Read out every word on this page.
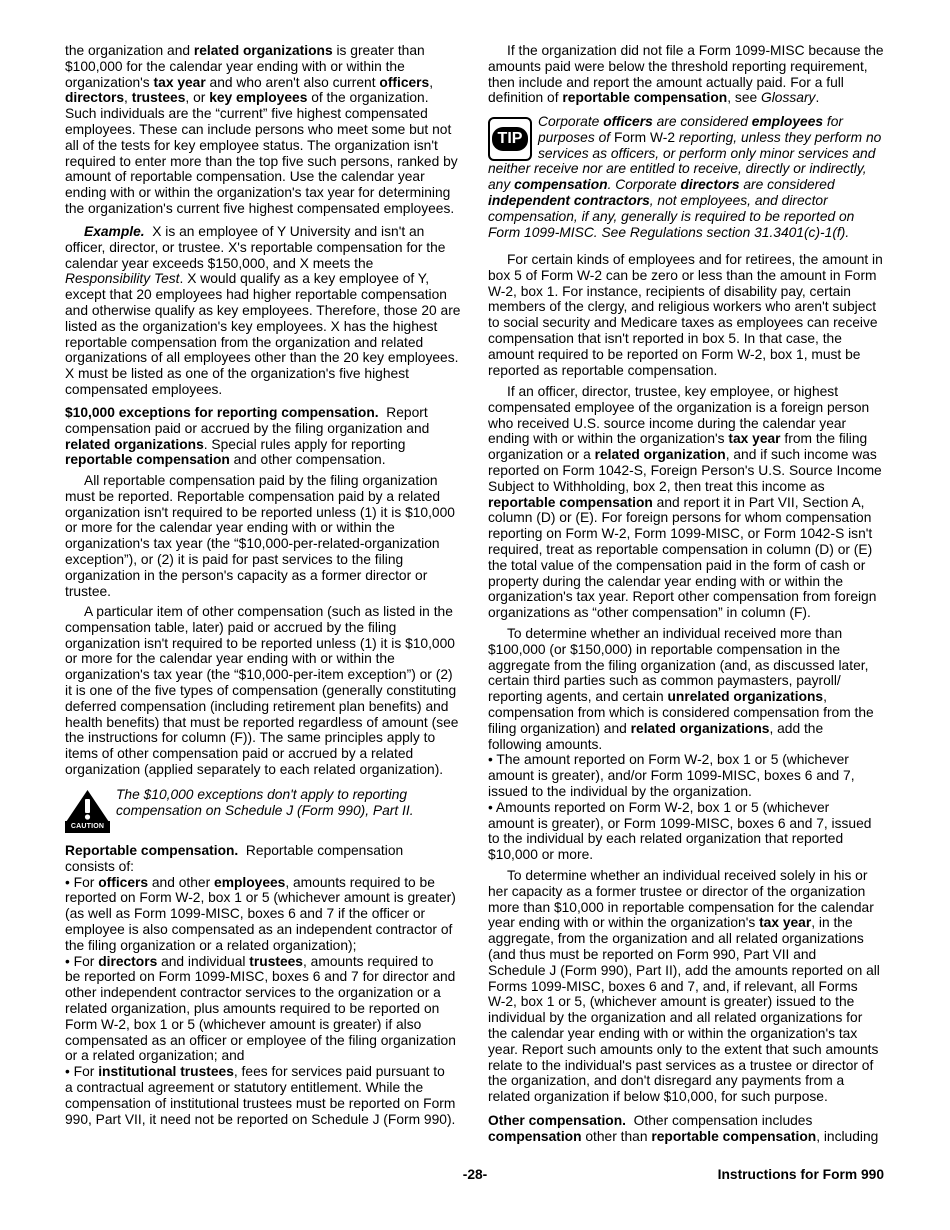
the organization and related organizations is greater than
$100,000 for the calendar year ending with or within the
organization's tax year and who aren't also current officers,
directors, trustees, or key employees of the organization.
Such individuals are the “current” five highest compensated
employees. These can include persons who meet some but not
all of the tests for key employee status. The organization isn't
required to enter more than the top five such persons, ranked by
amount of reportable compensation. Use the calendar year
ending with or within the organization's tax year for determining
the organization's current five highest compensated employees.
Example.  X is an employee of Y University and isn't an
officer, director, or trustee. X's reportable compensation for the
calendar year exceeds $150,000, and X meets the
Responsibility Test. X would qualify as a key employee of Y,
except that 20 employees had higher reportable compensation
and otherwise qualify as key employees. Therefore, those 20 are
listed as the organization's key employees. X has the highest
reportable compensation from the organization and related
organizations of all employees other than the 20 key employees.
X must be listed as one of the organization's five highest
compensated employees.
$10,000 exceptions for reporting compensation.  Report
compensation paid or accrued by the filing organization and
related organizations. Special rules apply for reporting
reportable compensation and other compensation.
All reportable compensation paid by the filing organization
must be reported. Reportable compensation paid by a related
organization isn't required to be reported unless (1) it is $10,000
or more for the calendar year ending with or within the
organization's tax year (the “$10,000-per-related-organization
exception”), or (2) it is paid for past services to the filing
organization in the person's capacity as a former director or
trustee.
A particular item of other compensation (such as listed in the
compensation table, later) paid or accrued by the filing
organization isn't required to be reported unless (1) it is $10,000
or more for the calendar year ending with or within the
organization's tax year (the “$10,000-per-item exception”) or (2)
it is one of the five types of compensation (generally constituting
deferred compensation (including retirement plan benefits) and
health benefits) that must be reported regardless of amount (see
the instructions for column (F)). The same principles apply to
items of other compensation paid or accrued by a related
organization (applied separately to each related organization).
CAUTION
The $10,000 exceptions don't apply to reporting
compensation on Schedule J (Form 990), Part II.
Reportable compensation.  Reportable compensation
consists of:
• For officers and other employees, amounts required to be
reported on Form W-2, box 1 or 5 (whichever amount is greater)
(as well as Form 1099-MISC, boxes 6 and 7 if the officer or
employee is also compensated as an independent contractor of
the filing organization or a related organization);
• For directors and individual trustees, amounts required to
be reported on Form 1099-MISC, boxes 6 and 7 for director and
other independent contractor services to the organization or a
related organization, plus amounts required to be reported on
Form W-2, box 1 or 5 (whichever amount is greater) if also
compensated as an officer or employee of the filing organization
or a related organization; and
• For institutional trustees, fees for services paid pursuant to
a contractual agreement or statutory entitlement. While the
compensation of institutional trustees must be reported on Form
990, Part VII, it need not be reported on Schedule J (Form 990).
If the organization did not file a Form 1099-MISC because the
amounts paid were below the threshold reporting requirement,
then include and report the amount actually paid. For a full
definition of reportable compensation, see Glossary.
TIP
Corporate officers are considered employees for
purposes of Form W-2 reporting, unless they perform no
services as officers, or perform only minor services and
neither receive nor are entitled to receive, directly or indirectly,
any compensation. Corporate directors are considered
independent contractors, not employees, and director
compensation, if any, generally is required to be reported on
Form 1099-MISC. See Regulations section 31.3401(c)-1(f).
For certain kinds of employees and for retirees, the amount in
box 5 of Form W-2 can be zero or less than the amount in Form
W-2, box 1. For instance, recipients of disability pay, certain
members of the clergy, and religious workers who aren't subject
to social security and Medicare taxes as employees can receive
compensation that isn't reported in box 5. In that case, the
amount required to be reported on Form W-2, box 1, must be
reported as reportable compensation.
If an officer, director, trustee, key employee, or highest
compensated employee of the organization is a foreign person
who received U.S. source income during the calendar year
ending with or within the organization's tax year from the filing
organization or a related organization, and if such income was
reported on Form 1042-S, Foreign Person's U.S. Source Income
Subject to Withholding, box 2, then treat this income as
reportable compensation and report it in Part VII, Section A,
column (D) or (E). For foreign persons for whom compensation
reporting on Form W-2, Form 1099-MISC, or Form 1042-S isn't
required, treat as reportable compensation in column (D) or (E)
the total value of the compensation paid in the form of cash or
property during the calendar year ending with or within the
organization's tax year. Report other compensation from foreign
organizations as “other compensation” in column (F).
To determine whether an individual received more than
$100,000 (or $150,000) in reportable compensation in the
aggregate from the filing organization (and, as discussed later,
certain third parties such as common paymasters, payroll/
reporting agents, and certain unrelated organizations,
compensation from which is considered compensation from the
filing organization) and related organizations, add the
following amounts.
• The amount reported on Form W-2, box 1 or 5 (whichever
amount is greater), and/or Form 1099-MISC, boxes 6 and 7,
issued to the individual by the organization.
• Amounts reported on Form W-2, box 1 or 5 (whichever
amount is greater), or Form 1099-MISC, boxes 6 and 7, issued
to the individual by each related organization that reported
$10,000 or more.
To determine whether an individual received solely in his or
her capacity as a former trustee or director of the organization
more than $10,000 in reportable compensation for the calendar
year ending with or within the organization's tax year, in the
aggregate, from the organization and all related organizations
(and thus must be reported on Form 990, Part VII and
Schedule J (Form 990), Part II), add the amounts reported on all
Forms 1099-MISC, boxes 6 and 7, and, if relevant, all Forms
W-2, box 1 or 5, (whichever amount is greater) issued to the
individual by the organization and all related organizations for
the calendar year ending with or within the organization's tax
year. Report such amounts only to the extent that such amounts
relate to the individual's past services as a trustee or director of
the organization, and don't disregard any payments from a
related organization if below $10,000, for such purpose.
Other compensation.  Other compensation includes
compensation other than reportable compensation, including
-28-	Instructions for Form 990
